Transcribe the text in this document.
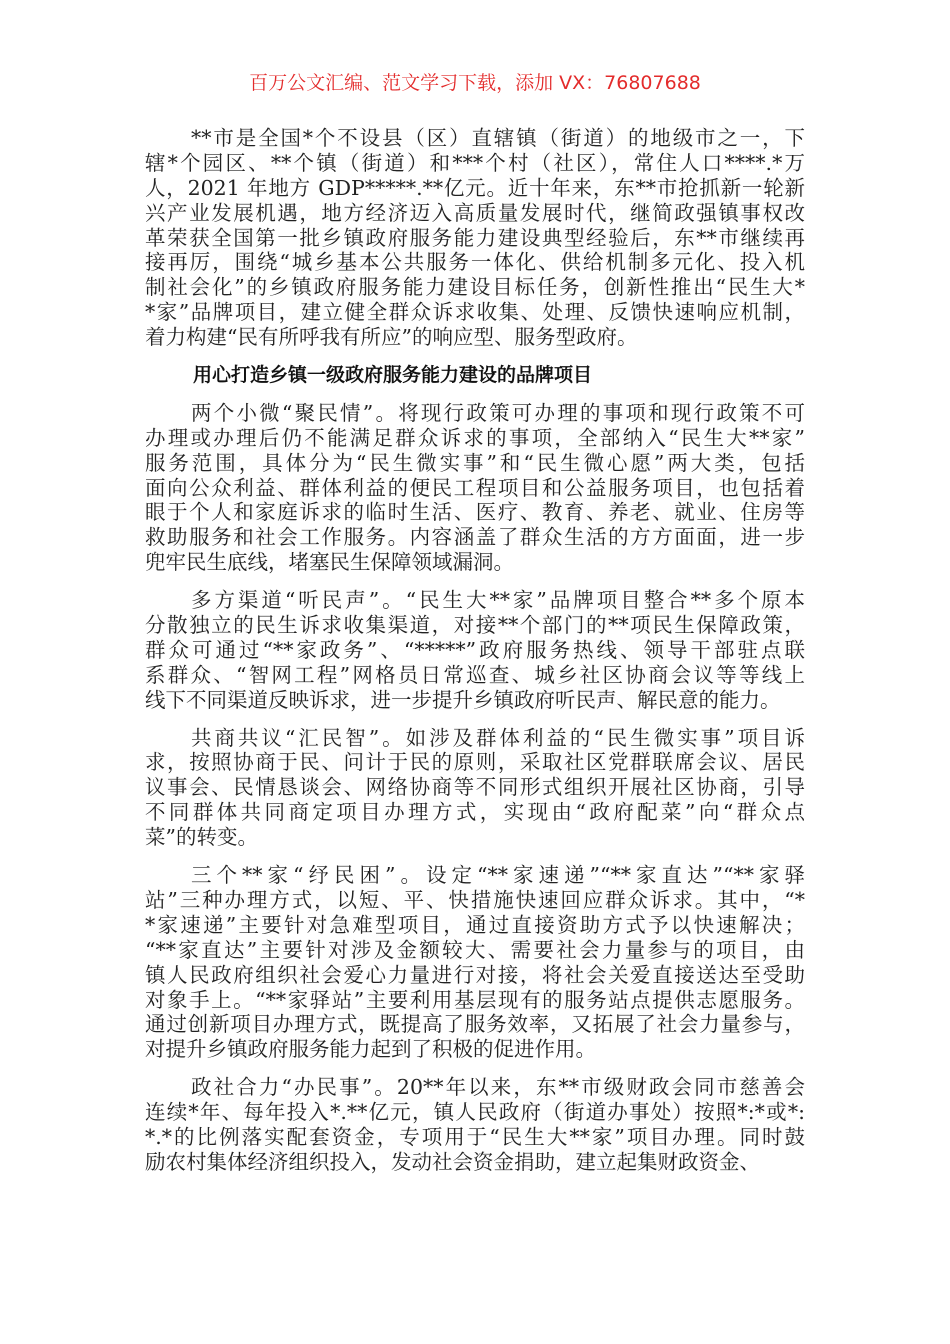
百万公文汇编、范文学习下载，添加 VX：76807688
**市是全国*个不设县（区）直辖镇（街道）的地级市之一，下
辖*个园区、**个镇（街道）和***个村（社区），常住人口****.*万
人，2021 年地方 GDP*****.**亿元。近十年来，东**市抢抓新一轮新
兴产业发展机遇，地方经济迈入高质量发展时代，继简政强镇事权改
革荣获全国第一批乡镇政府服务能力建设典型经验后，东**市继续再
接再厉，围绕“城乡基本公共服务一体化、供给机制多元化、投入机
制社会化”的乡镇政府服务能力建设目标任务，创新性推出“民生大*
*家”品牌项目，建立健全群众诉求收集、处理、反馈快速响应机制，
着力构建“民有所呼我有所应”的响应型、服务型政府。
用心打造乡镇一级政府服务能力建设的品牌项目
两个小微“聚民情”。将现行政策可办理的事项和现行政策不可
办理或办理后仍不能满足群众诉求的事项，全部纳入“民生大**家”
服务范围，具体分为“民生微实事”和“民生微心愿”两大类，包括
面向公众利益、群体利益的便民工程项目和公益服务项目，也包括着
眼于个人和家庭诉求的临时生活、医疗、教育、养老、就业、住房等
救助服务和社会工作服务。内容涵盖了群众生活的方方面面，进一步
兜牢民生底线，堵塞民生保障领域漏洞。
多方渠道“听民声”。“民生大**家”品牌项目整合**多个原本
分散独立的民生诉求收集渠道，对接**个部门的**项民生保障政策，
群众可通过“**家政务”、“*****”政府服务热线、领导干部驻点联
系群众、“智网工程”网格员日常巡查、城乡社区协商会议等等线上
线下不同渠道反映诉求，进一步提升乡镇政府听民声、解民意的能力。
共商共议“汇民智”。如涉及群体利益的“民生微实事”项目诉
求，按照协商于民、问计于民的原则，采取社区党群联席会议、居民
议事会、民情恳谈会、网络协商等不同形式组织开展社区协商，引导
不同群体共同商定项目办理方式，实现由“政府配菜”向“群众点
菜”的转变。
三个**家“纾民困”。设定“**家速递”“**家直达”“**家驿
站”三种办理方式，以短、平、快措施快速回应群众诉求。其中，“*
*家速递”主要针对急难型项目，通过直接资助方式予以快速解决；
“**家直达”主要针对涉及金额较大、需要社会力量参与的项目，由
镇人民政府组织社会爱心力量进行对接，将社会关爱直接送达至受助
对象手上。“**家驿站”主要利用基层现有的服务站点提供志愿服务。
通过创新项目办理方式，既提高了服务效率，又拓展了社会力量参与，
对提升乡镇政府服务能力起到了积极的促进作用。
政社合力“办民事”。20**年以来，东**市级财政会同市慈善会
连续*年、每年投入*.**亿元，镇人民政府（街道办事处）按照*:*或*:
*.*的比例落实配套资金，专项用于“民生大**家”项目办理。同时鼓
励农村集体经济组织投入，发动社会资金捐助，建立起集财政资金、
